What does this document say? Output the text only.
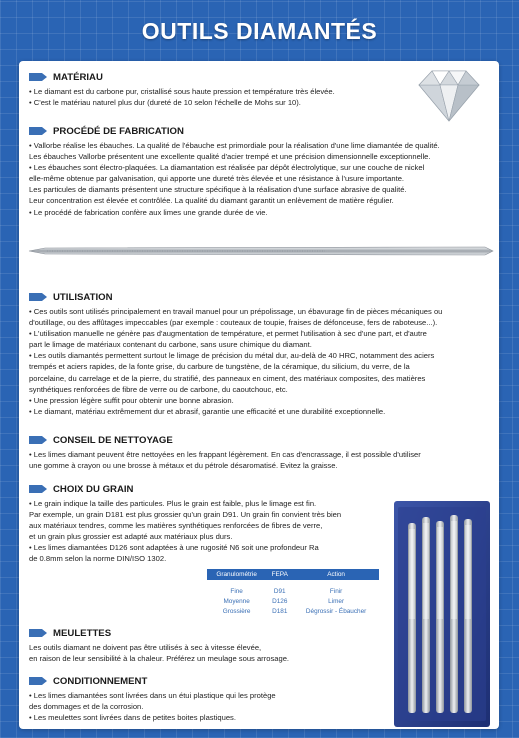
OUTILS DIAMANTÉS
MATÉRIAU
• Le diamant est du carbone pur, cristallisé sous haute pression et température très élevée.
• C'est le matériau naturel plus dur (dureté de 10 selon l'échelle de Mohs sur 10).
PROCÉDÉ DE FABRICATION
• Vallorbe réalise les ébauches. La qualité de l'ébauche est primordiale pour la réalisation d'une lime diamantée de qualité.
Les ébauches Vallorbe présentent une excellente qualité d'acier trempé et une précision dimensionnelle exceptionnelle.
• Les ébauches sont électro-plaquées. La diamantation est réalisée par dépôt électrolytique, sur une couche de nickel
elle-même obtenue par galvanisation, qui apporte une dureté très élevée et une résistance à l'usure importante.
Les particules de diamants présentent une structure spécifique à la réalisation d'une surface abrasive de qualité.
Leur concentration est élevée et contrôlée. La qualité du diamant garantit un enlèvement de matière régulier.
• Le procédé de fabrication confère aux limes une grande durée de vie.
UTILISATION
• Ces outils sont utilisés principalement en travail manuel pour un prépolissage, un ébavurage fin de pièces mécaniques ou
d'outillage, ou des affûtages impeccables (par exemple : couteaux de toupie, fraises de défonceuse, fers de raboteuse...).
• L'utilisation manuelle ne génère pas d'augmentation de température, et permet l'utilisation à sec d'une part, et d'autre
part le limage de matériaux contenant du carbone, sans usure chimique du diamant.
• Les outils diamantés permettent surtout le limage de précision du métal dur, au-delà de 40 HRC, notamment des aciers
trempés et aciers rapides, de la fonte grise, du carbure de tungstène, de la céramique, du silicium, du verre, de la
porcelaine, du carrelage et de la pierre, du stratifié, des panneaux en ciment, des matériaux composites, des matières
synthétiques renforcées de fibre de verre ou de carbone, du caoutchouc, etc.
• Une pression légère suffit pour obtenir une bonne abrasion.
• Le diamant, matériau extrêmement dur et abrasif, garantie une efficacité et une durabilité exceptionnelle.
CONSEIL DE NETTOYAGE
• Les limes diamant peuvent être nettoyées en les frappant légèrement. En cas d'encrassage, il est possible d'utiliser
une gomme à crayon ou une brosse à métaux et du pétrole désaromatisé. Evitez la graisse.
CHOIX DU GRAIN
• Le grain indique la taille des particules. Plus le grain est faible, plus le limage est fin.
Par exemple, un grain D181 est plus grossier qu'un grain D91. Un grain fin convient très bien
aux matériaux tendres, comme les matières synthétiques renforcées de fibres de verre,
et un grain plus grossier est adapté aux matériaux plus durs.
• Les limes diamantées D126 sont adaptées à une rugosité N6 soit une profondeur Ra
de 0.8mm selon la norme DIN/ISO 1302.
Granulométrie	FEPA	Action

Fine	D91	Finir
Moyenne	D126	Limer
Grossière	D181	Dégrossir - Ébaucher
MEULETTES
Les outils diamant ne doivent pas être utilisés à sec à vitesse élevée,
en raison de leur sensibilité à la chaleur. Préférez un meulage sous arrosage.
CONDITIONNEMENT
• Les limes diamantées sont livrées dans un étui plastique qui les protège
des dommages et de la corrosion.
• Les meulettes sont livrées dans de petites boites plastiques.
